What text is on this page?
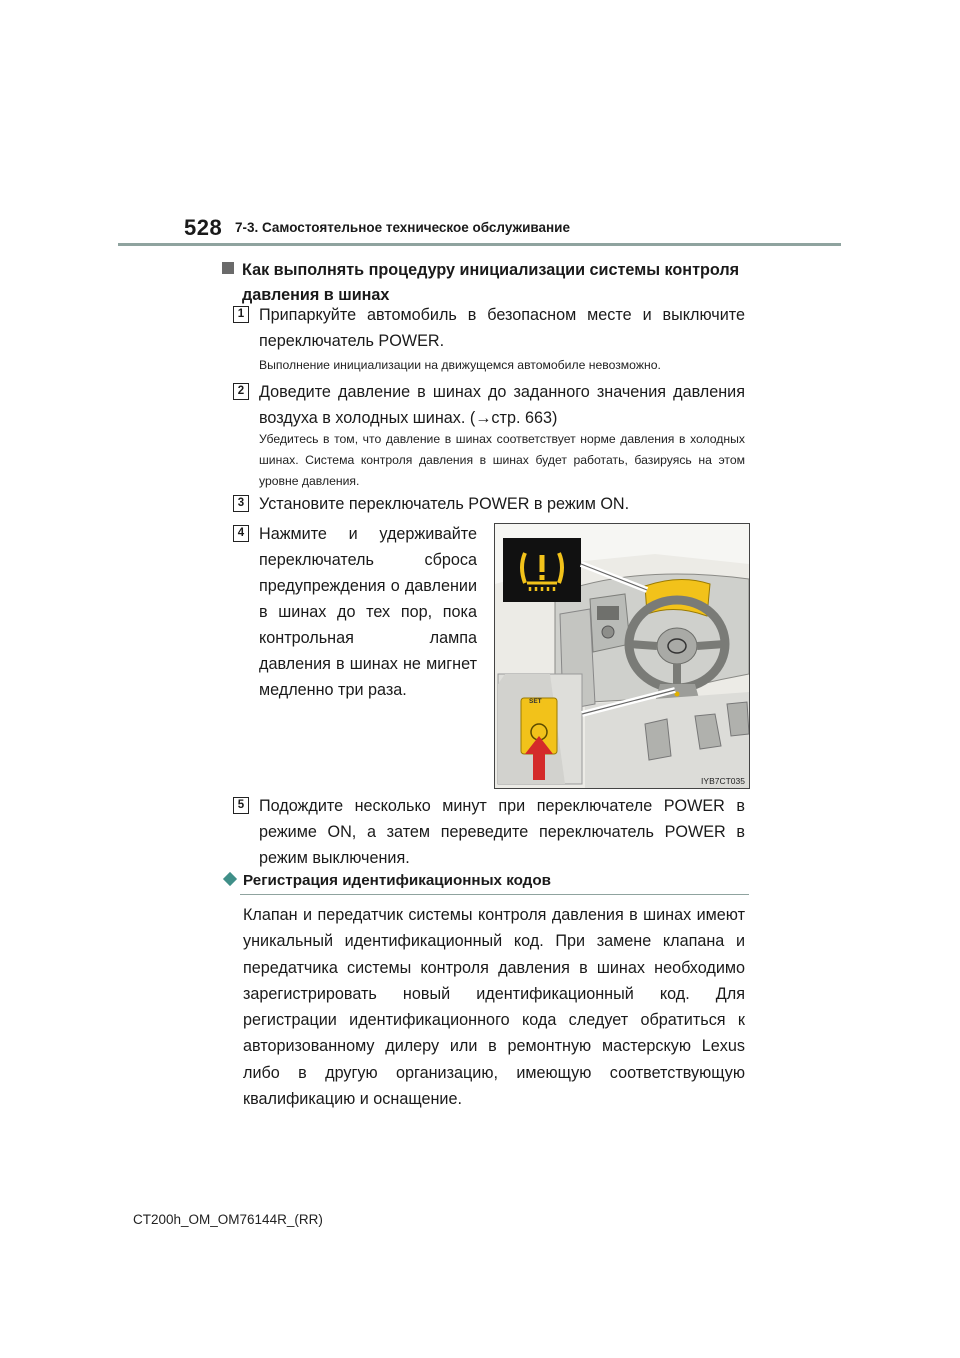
528 7-3. Самостоятельное техническое обслуживание
Как выполнять процедуру инициализации системы контроля
давления в шинах
1 Припаркуйте автомобиль в безопасном месте и выключите переключатель POWER.
Выполнение инициализации на движущемся автомобиле невозможно.
2 Доведите давление в шинах до заданного значения давления воздуха в холодных шинах. (→стр. 663)
Убедитесь в том, что давление в шинах соответствует норме давления в холодных шинах. Система контроля давления в шинах будет работать, базируясь на этом уровне давления.
3 Установите переключатель POWER в режим ON.
4 Нажмите и удерживайте переключатель сброса предупреждения о давлении в шинах до тех пор, пока контрольная лампа давления в шинах не мигнет медленно три раза.
SET
IYB7CT035
5 Подождите несколько минут при переключателе POWER в режиме ON, а затем переведите переключатель POWER в режим выключения.
Регистрация идентификационных кодов
Клапан и передатчик системы контроля давления в шинах имеют уникальный идентификационный код. При замене клапана и передатчика системы контроля давления в шинах необходимо зарегистрировать новый идентификационный код. Для регистрации идентификационного кода следует обратиться к авторизованному дилеру или в ремонтную мастерскую Lexus либо в другую организацию, имеющую соответствующую квалификацию и оснащение.
CT200h_OM_OM76144R_(RR)
